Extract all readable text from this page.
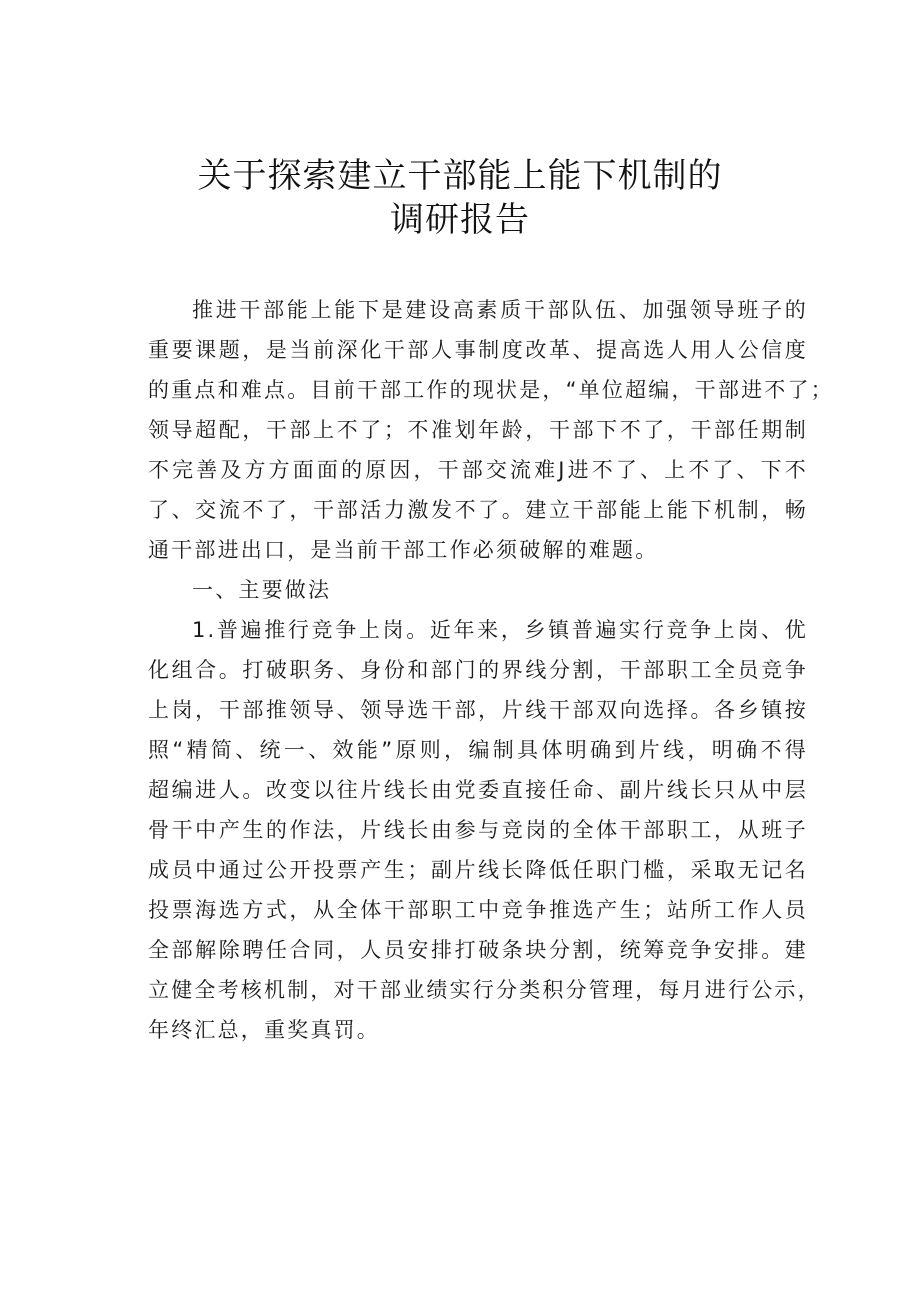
关于探索建立干部能上能下机制的
调研报告
推进干部能上能下是建设高素质干部队伍、加强领导班子的
重要课题，是当前深化干部人事制度改革、提高选人用人公信度
的重点和难点。目前干部工作的现状是，“单位超编，干部进不了；
领导超配，干部上不了；不准划年龄，干部下不了，干部任期制
不完善及方方面面的原因，干部交流难J进不了、上不了、下不
了、交流不了，干部活力激发不了。建立干部能上能下机制，畅
通干部进出口，是当前干部工作必须破解的难题。
一、主要做法
1.普遍推行竞争上岗。近年来，乡镇普遍实行竞争上岗、优
化组合。打破职务、身份和部门的界线分割，干部职工全员竞争
上岗，干部推领导、领导选干部，片线干部双向选择。各乡镇按
照“精简、统一、效能”原则，编制具体明确到片线，明确不得
超编进人。改变以往片线长由党委直接任命、副片线长只从中层
骨干中产生的作法，片线长由参与竞岗的全体干部职工，从班子
成员中通过公开投票产生；副片线长降低任职门槛，采取无记名
投票海选方式，从全体干部职工中竞争推选产生；站所工作人员
全部解除聘任合同，人员安排打破条块分割，统筹竞争安排。建
立健全考核机制，对干部业绩实行分类积分管理，每月进行公示，
年终汇总，重奖真罚。
